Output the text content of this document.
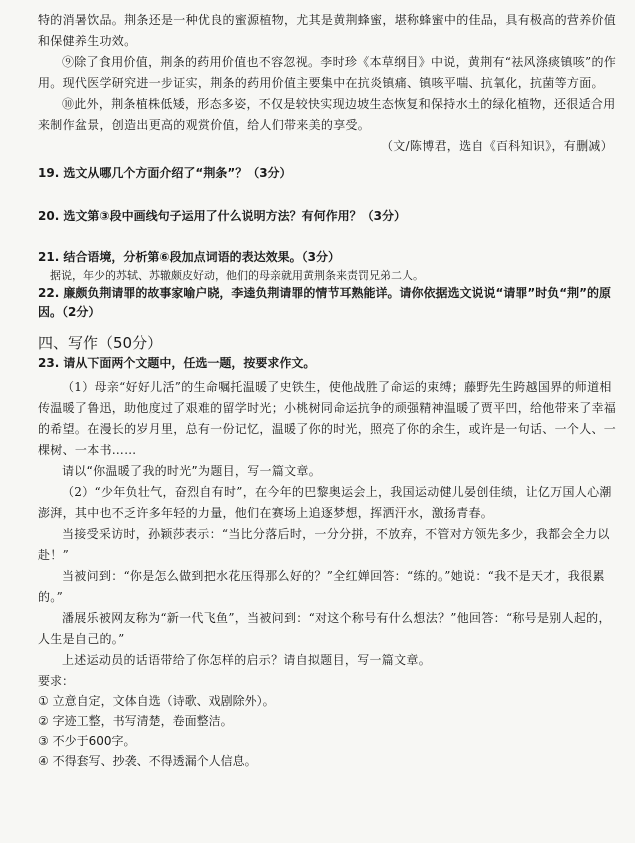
特的消暑饮品。荆条还是一种优良的蜜源植物，尤其是黄荆蜂蜜，堪称蜂蜜中的佳品，具有极高的营养价值和保健养生功效。

⑨除了食用价值，荆条的药用价值也不容忽视。李时珍《本草纲目》中说，黄荆有“祛风涤痰镇咳”的作用。现代医学研究进一步证实，荆条的药用价值主要集中在抗炎镇痛、镇咳平喘、抗氧化，抗菌等方面。

⑩此外，荆条植株低矮，形态多姿，不仅是较快实现边坡生态恢复和保持水土的绿化植物，还很适合用来制作盆景，创造出更高的观赏价值，给人们带来美的享受。

（文/陈博君，选自《百科知识》，有删减）

19. 选文从哪几个方面介绍了“荆条”？（3分）

20. 选文第③段中画线句子运用了什么说明方法？有何作用？（3分）

21. 结合语境，分析第⑥段加点词语的表达效果。（3分）

据说，年少的苏轼、苏辙颇皮好动，他们的母亲就用黄荆条来责罚兄弟二人。

22. 廉颇负荆请罪的故事家喻户晓，李逵负荆请罪的情节耳熟能详。请你依据选文说说“请罪”时负“荆”的原因。（2分）

四、写作（50分）

23. 请从下面两个文题中，任选一题，按要求作文。

（1）母亲“好好儿活”的生命嘱托温暖了史铁生，使他战胜了命运的束缚；藤野先生跨越国界的师道相传温暖了鲁迅，助他度过了艰难的留学时光；小桃树同命运抗争的顽强精神温暖了贾平凹，给他带来了幸福的希望。在漫长的岁月里，总有一份记忆，温暖了你的时光，照亮了你的余生，或许是一句话、一个人、一棵树、一本书……

请以“你温暖了我的时光”为题目，写一篇文章。

（2）“少年负壮气，奋烈自有时”，在今年的巴黎奥运会上，我国运动健儿晏创佳绩，让亿万国人心潮澎湃，其中也不乏许多年轻的力量，他们在赛场上追逐梦想，挥洒汗水，激扬青春。

当接受采访时，孙颖莎表示：“当比分落后时，一分分拼，不放弃，不管对方领先多少，我都会全力以赴！”

当被问到：“你是怎么做到把水花压得那么好的？”全红婵回答：“练的。”她说：“我不是天才，我很累的。”

潘展乐被网友称为“新一代飞鱼”，当被问到：“对这个称号有什么想法？”他回答：“称号是别人起的，人生是自己的。”

上述运动员的话语带给了你怎样的启示？请自拟题目，写一篇文章。

要求：

① 立意自定，文体自选（诗歌、戏剧除外）。

② 字迹工整，书写清楚，卷面整洁。

③ 不少于600字。

④ 不得套写、抄袭、不得透漏个人信息。
